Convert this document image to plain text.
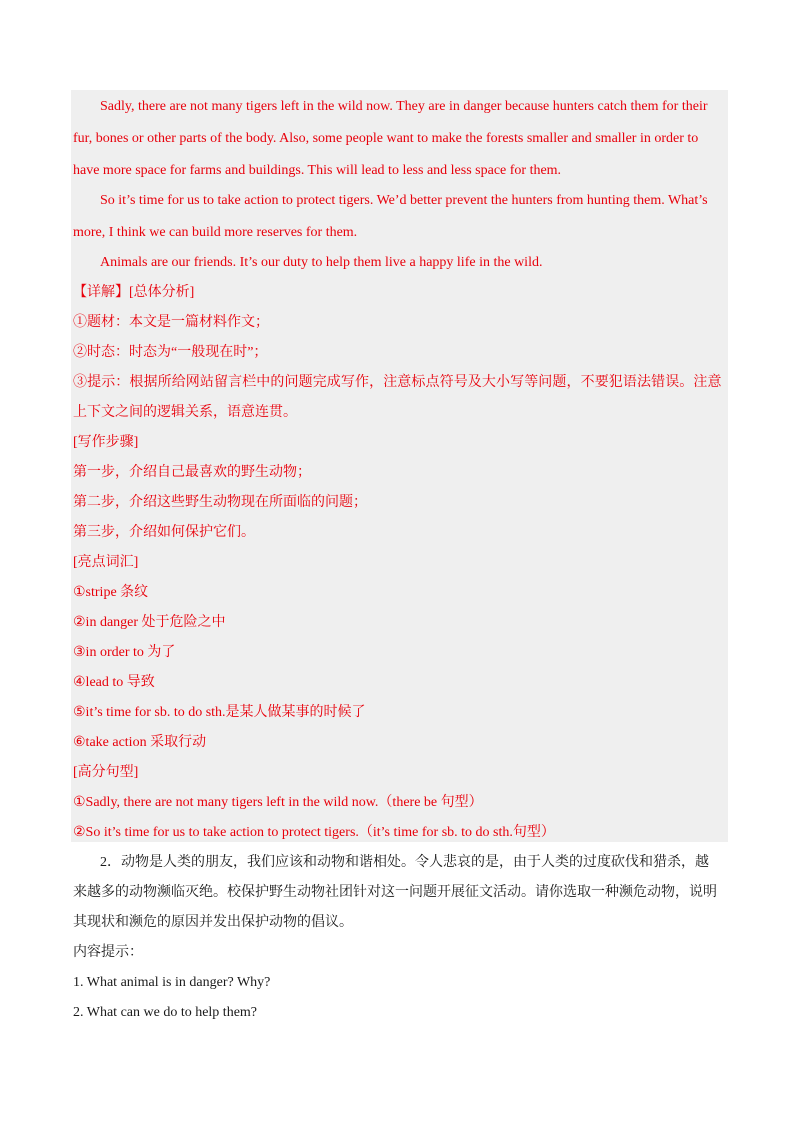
Sadly, there are not many tigers left in the wild now. They are in danger because hunters catch them for their
fur, bones or other parts of the body. Also, some people want to make the forests smaller and smaller in order to
have more space for farms and buildings. This will lead to less and less space for them.
So it’s time for us to take action to protect tigers. We’d better prevent the hunters from hunting them. What’s
more, I think we can build more reserves for them.
Animals are our friends. It’s our duty to help them live a happy life in the wild.
【详解】[总体分析]
①题材：本文是一篇材料作文；
②时态：时态为“一般现在时”；
③提示：根据所给网站留言栏中的问题完成写作，注意标点符号及大小写等问题，不要犯语法错误。注意
上下文之间的逻辑关系，语意连贯。
[写作步骤]
第一步，介绍自己最喜欢的野生动物；
第二步，介绍这些野生动物现在所面临的问题；
第三步，介绍如何保护它们。
[亮点词汇]
①stripe 条纹
②in danger 处于危险之中
③in order to 为了
④lead to 导致
⑤it’s time for sb. to do sth.是某人做某事的时候了
⑥take action 采取行动
[高分句型]
①Sadly, there are not many tigers left in the wild now.（there be 句型）
②So it’s time for us to take action to protect tigers.（it’s time for sb. to do sth.句型）
2．动物是人类的朋友，我们应该和动物和谐相处。令人悲哀的是，由于人类的过度砍伐和猎杀，越
来越多的动物濒临灭绝。校保护野生动物社团针对这一问题开展征文活动。请你选取一种濒危动物，说明
其现状和濒危的原因并发出保护动物的倡议。
内容提示：
1. What animal is in danger? Why?
2. What can we do to help them?
